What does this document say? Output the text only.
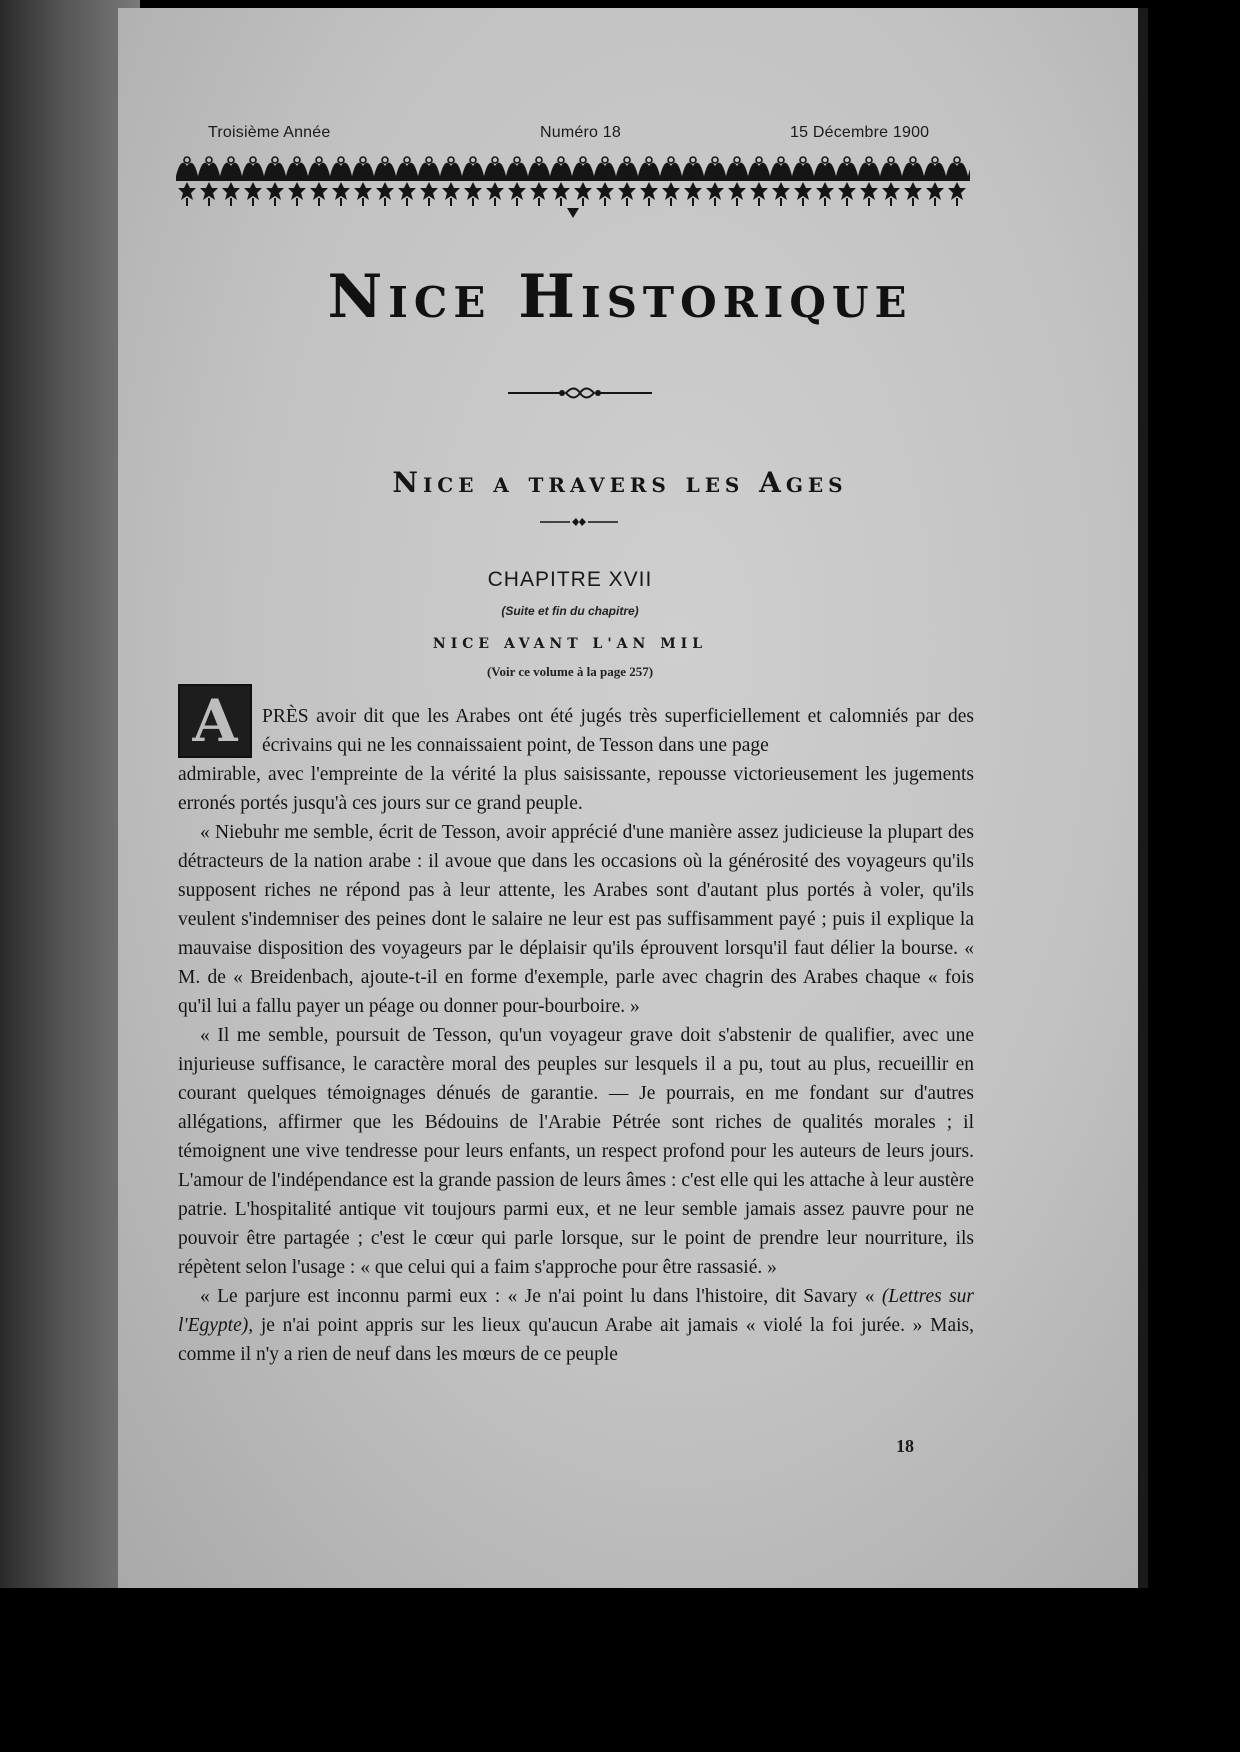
Troisième Année	Numéro 18	15 Décembre 1900
Nice Historique
Nice a travers les Ages
CHAPITRE XVII
(Suite et fin du chapitre)
NICE AVANT L'AN MIL
(Voir ce volume à la page 257)
A	PRÈS avoir dit que les Arabes ont été jugés très superficiellement et calomniés par des écrivains qui ne les connaissaient point, de Tesson dans une page

admirable, avec l'empreinte de la vérité la plus saisissante, repousse victorieusement les jugements erronés portés jusqu'à ces jours sur ce grand peuple.

« Niebuhr me semble, écrit de Tesson, avoir apprécié d'une manière assez judicieuse la plupart des détracteurs de la nation arabe : il avoue que dans les occasions où la générosité des voyageurs qu'ils supposent riches ne répond pas à leur attente, les Arabes sont d'autant plus portés à voler, qu'ils veulent s'indemniser des peines dont le salaire ne leur est pas suffisamment payé ; puis il explique la mauvaise disposition des voyageurs par le déplaisir qu'ils éprouvent lorsqu'il faut délier la bourse. « M. de « Breidenbach, ajoute-t-il en forme d'exemple, parle avec chagrin des Arabes chaque « fois qu'il lui a fallu payer un péage ou donner pour-bourboire. »

« Il me semble, poursuit de Tesson, qu'un voyageur grave doit s'abstenir de qualifier, avec une injurieuse suffisance, le caractère moral des peuples sur lesquels il a pu, tout au plus, recueillir en courant quelques témoignages dénués de garantie. — Je pourrais, en me fondant sur d'autres allégations, affirmer que les Bédouins de l'Arabie Pétrée sont riches de qualités morales ; il témoignent une vive tendresse pour leurs enfants, un respect profond pour les auteurs de leurs jours. L'amour de l'indépendance est la grande passion de leurs âmes : c'est elle qui les attache à leur austère patrie. L'hospitalité antique vit toujours parmi eux, et ne leur semble jamais assez pauvre pour ne pouvoir être partagée ; c'est le cœur qui parle lorsque, sur le point de prendre leur nourriture, ils répètent selon l'usage : « que celui qui a faim s'approche pour être rassasié. »

« Le parjure est inconnu parmi eux : « Je n'ai point lu dans l'histoire, dit Savary « (Lettres sur l'Egypte), je n'ai point appris sur les lieux qu'aucun Arabe ait jamais « violé la foi jurée. » Mais, comme il n'y a rien de neuf dans les mœurs de ce peuple

18
